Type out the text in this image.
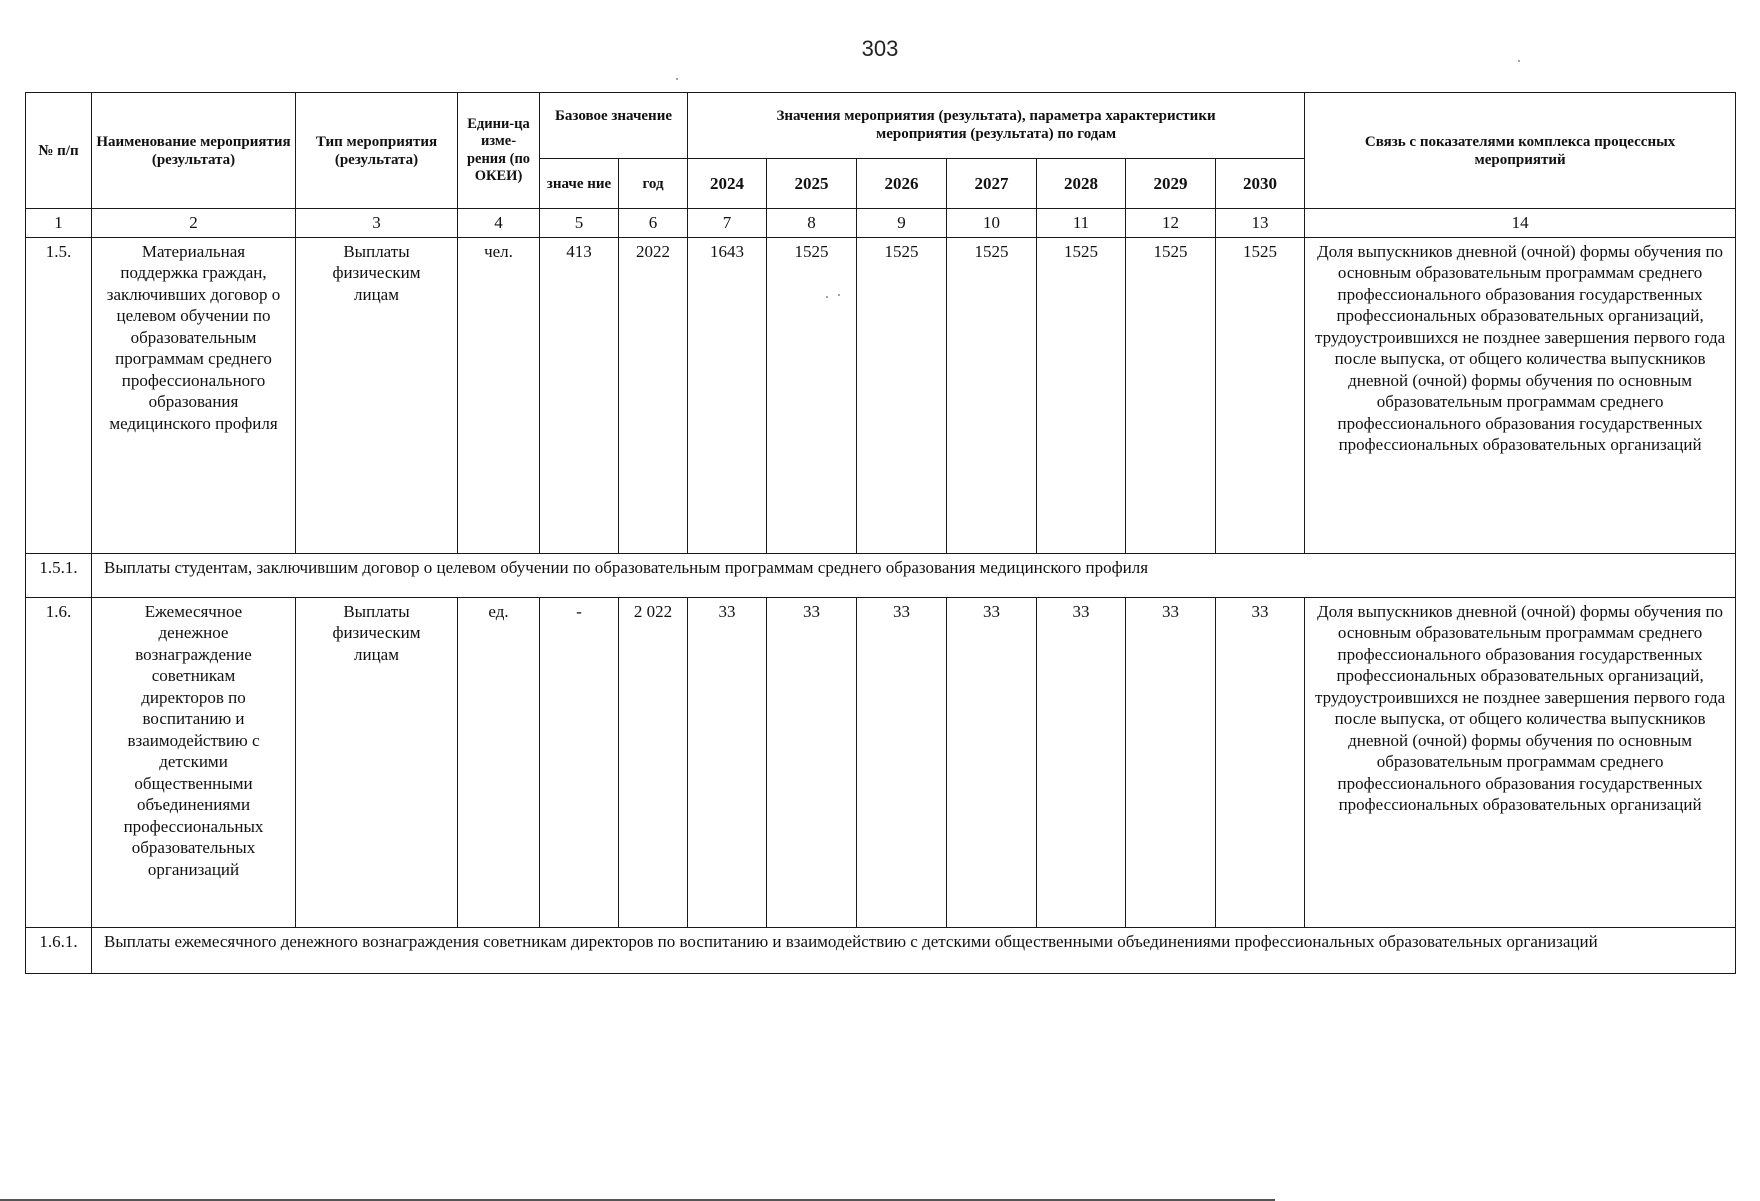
303
№ п/п	Наименование мероприятия (результата)	Тип мероприятия (результата)	Едини-ца изме-рения (по ОКЕИ)	Базовое значение		Значения мероприятия (результата), параметра характеристики мероприятия (результата) по годам							Связь с показателями комплекса процессных мероприятий
				значе ние	год	2024	2025	2026	2027	2028	2029	2030	
1	2	3	4	5	6	7	8	9	10	11	12	13	14
1.5.	Материальная поддержка граждан, заключивших договор о целевом обучении по образовательным программам среднего профессионального образования медицинского профиля	Выплаты физическим лицам	чел.	413	2022	1643	1525	1525	1525	1525	1525	1525	Доля выпускников дневной (очной) формы обучения по основным образовательным программам среднего профессионального образования государственных профессиональных образовательных организаций, трудоустроившихся не позднее завершения первого года после выпуска, от общего количества выпускников дневной (очной) формы обучения по основным образовательным программам среднего профессионального образования государственных профессиональных образовательных организаций
1.5.1.	Выплаты студентам, заключившим договор о целевом обучении по образовательным программам среднего образования медицинского профиля												
1.6.	Ежемесячное денежное вознаграждение советникам директоров по воспитанию и взаимодействию с детскими общественными объединениями профессиональных образовательных организаций	Выплаты физическим лицам	ед.	-	2 022	33	33	33	33	33	33	33	Доля выпускников дневной (очной) формы обучения по основным образовательным программам среднего профессионального образования государственных профессиональных образовательных организаций, трудоустроившихся не позднее завершения первого года после выпуска, от общего количества выпускников дневной (очной) формы обучения по основным образовательным программам среднего профессионального образования государственных профессиональных образовательных организаций
1.6.1.	Выплаты ежемесячного денежного вознаграждения советникам директоров по воспитанию и взаимодействию с детскими общественными объединениями профессиональных образовательных организаций												
